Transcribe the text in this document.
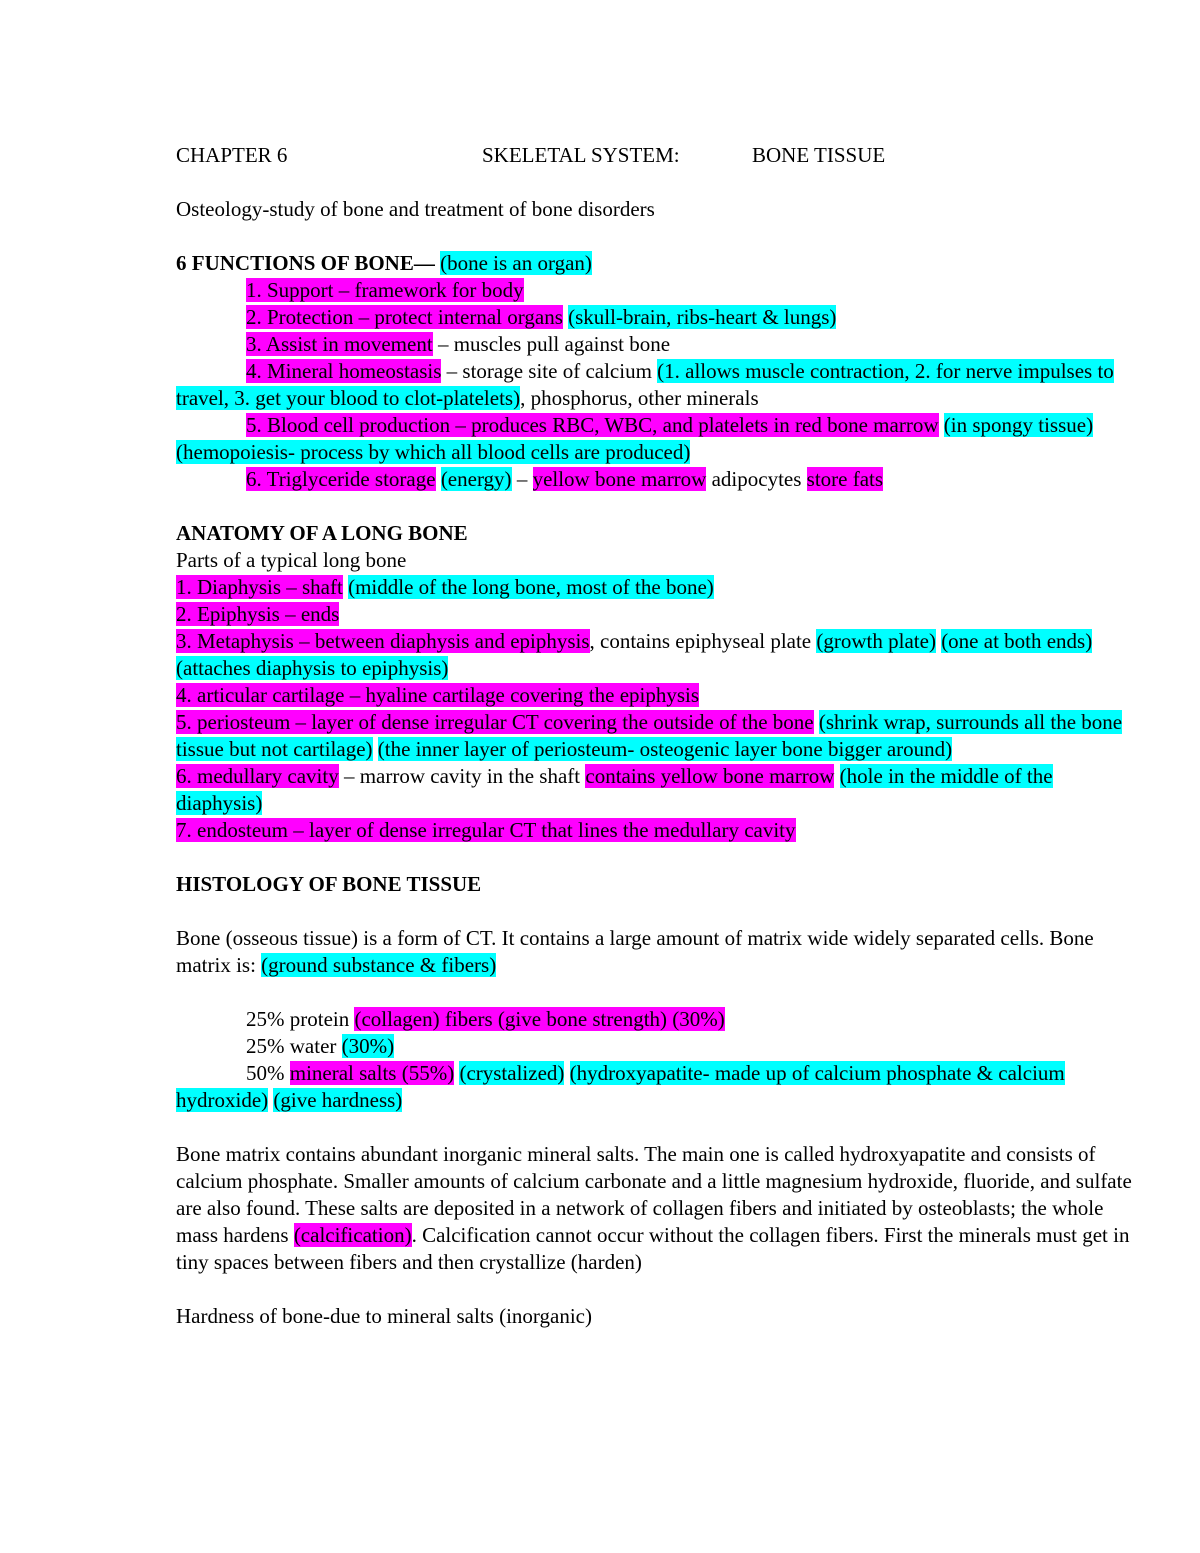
CHAPTER 6	SKELETAL SYSTEM:	BONE TISSUE

Osteology-study of bone and treatment of bone disorders

6 FUNCTIONS OF BONE— (bone is an organ)

1. Support – framework for body

2. Protection – protect internal organs (skull-brain, ribs-heart & lungs)

3. Assist in movement – muscles pull against bone

4. Mineral homeostasis – storage site of calcium (1. allows muscle contraction, 2. for nerve impulses to travel, 3. get your blood to clot-platelets), phosphorus, other minerals

5. Blood cell production – produces RBC, WBC, and platelets in red bone marrow (in spongy tissue) (hemopoiesis- process by which all blood cells are produced)

6. Triglyceride storage (energy) – yellow bone marrow adipocytes store fats

ANATOMY OF A LONG BONE

Parts of a typical long bone

1. Diaphysis – shaft (middle of the long bone, most of the bone)

2. Epiphysis – ends

3. Metaphysis – between diaphysis and epiphysis, contains epiphyseal plate (growth plate) (one at both ends) (attaches diaphysis to epiphysis)

4. articular cartilage – hyaline cartilage covering the epiphysis

5. periosteum – layer of dense irregular CT covering the outside of the bone (shrink wrap, surrounds all the bone tissue but not cartilage) (the inner layer of periosteum- osteogenic layer bone bigger around)

6. medullary cavity – marrow cavity in the shaft contains yellow bone marrow (hole in the middle of the diaphysis)

7. endosteum – layer of dense irregular CT that lines the medullary cavity

HISTOLOGY OF BONE TISSUE

Bone (osseous tissue) is a form of CT. It contains a large amount of matrix wide widely separated cells. Bone matrix is: (ground substance & fibers)

25% protein (collagen) fibers (give bone strength) (30%)

25% water (30%)

50% mineral salts (55%) (crystalized) (hydroxyapatite- made up of calcium phosphate & calcium hydroxide) (give hardness)

Bone matrix contains abundant inorganic mineral salts. The main one is called hydroxyapatite and consists of calcium phosphate. Smaller amounts of calcium carbonate and a little magnesium hydroxide, fluoride, and sulfate are also found. These salts are deposited in a network of collagen fibers and initiated by osteoblasts; the whole mass hardens (calcification). Calcification cannot occur without the collagen fibers. First the minerals must get in tiny spaces between fibers and then crystallize (harden)

Hardness of bone-due to mineral salts (inorganic)
